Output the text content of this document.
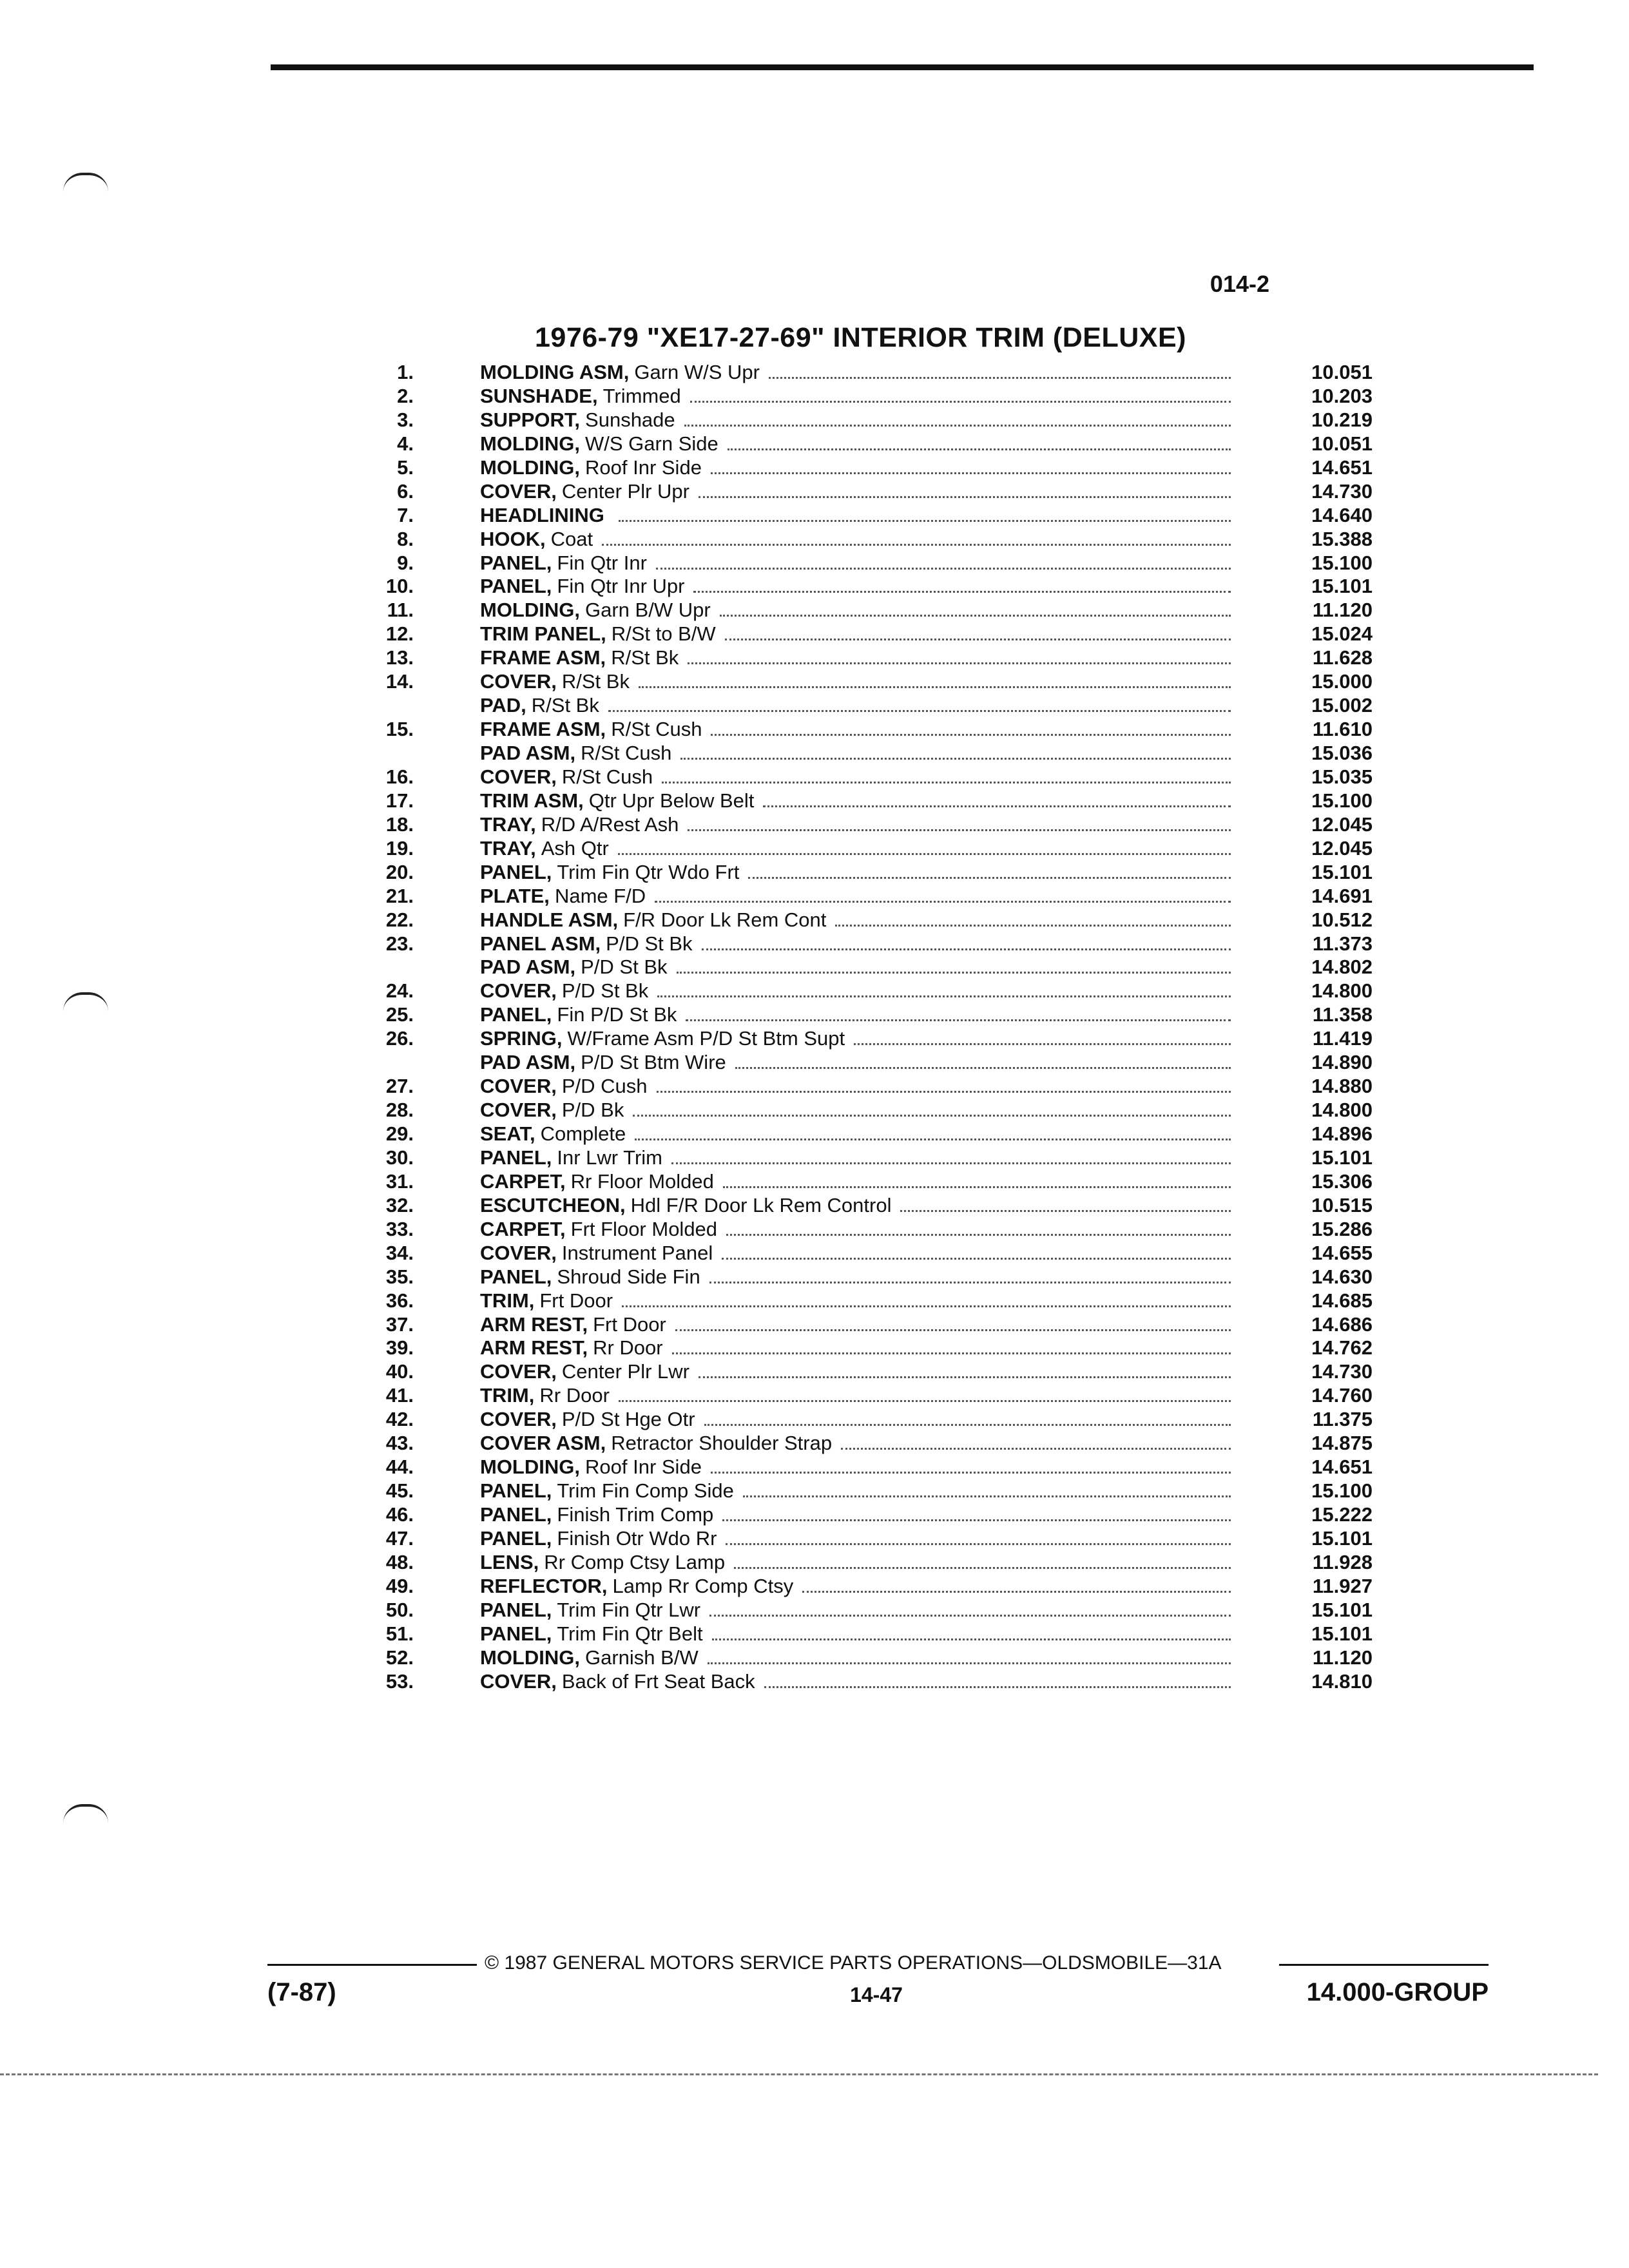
014-2
1976-79 "XE17-27-69" INTERIOR TRIM (DELUXE)
1.	MOLDING ASM, Garn W/S Upr	10.051
2.	SUNSHADE, Trimmed	10.203
3.	SUPPORT, Sunshade	10.219
4.	MOLDING, W/S Garn Side	10.051
5.	MOLDING, Roof Inr Side	14.651
6.	COVER, Center Plr Upr	14.730
7.	HEADLINING	14.640
8.	HOOK, Coat	15.388
9.	PANEL, Fin Qtr Inr	15.100
10.	PANEL, Fin Qtr Inr Upr	15.101
11.	MOLDING, Garn B/W Upr	11.120
12.	TRIM PANEL, R/St to B/W	15.024
13.	FRAME ASM, R/St Bk	11.628
14.	COVER, R/St Bk	15.000
PAD, R/St Bk	15.002
15.	FRAME ASM, R/St Cush	11.610
PAD ASM, R/St Cush	15.036
16.	COVER, R/St Cush	15.035
17.	TRIM ASM, Qtr Upr Below Belt	15.100
18.	TRAY, R/D A/Rest Ash	12.045
19.	TRAY, Ash Qtr	12.045
20.	PANEL, Trim Fin Qtr Wdo Frt	15.101
21.	PLATE, Name F/D	14.691
22.	HANDLE ASM, F/R Door Lk Rem Cont	10.512
23.	PANEL ASM, P/D St Bk	11.373
PAD ASM, P/D St Bk	14.802
24.	COVER, P/D St Bk	14.800
25.	PANEL, Fin P/D St Bk	11.358
26.	SPRING, W/Frame Asm P/D St Btm Supt	11.419
PAD ASM, P/D St Btm Wire	14.890
27.	COVER, P/D Cush	14.880
28.	COVER, P/D Bk	14.800
29.	SEAT, Complete	14.896
30.	PANEL, Inr Lwr Trim	15.101
31.	CARPET, Rr Floor Molded	15.306
32.	ESCUTCHEON, Hdl F/R Door Lk Rem Control	10.515
33.	CARPET, Frt Floor Molded	15.286
34.	COVER, Instrument Panel	14.655
35.	PANEL, Shroud Side Fin	14.630
36.	TRIM, Frt Door	14.685
37.	ARM REST, Frt Door	14.686
39.	ARM REST, Rr Door	14.762
40.	COVER, Center Plr Lwr	14.730
41.	TRIM, Rr Door	14.760
42.	COVER, P/D St Hge Otr	11.375
43.	COVER ASM, Retractor Shoulder Strap	14.875
44.	MOLDING, Roof Inr Side	14.651
45.	PANEL, Trim Fin Comp Side	15.100
46.	PANEL, Finish Trim Comp	15.222
47.	PANEL, Finish Otr Wdo Rr	15.101
48.	LENS, Rr Comp Ctsy Lamp	11.928
49.	REFLECTOR, Lamp Rr Comp Ctsy	11.927
50.	PANEL, Trim Fin Qtr Lwr	15.101
51.	PANEL, Trim Fin Qtr Belt	15.101
52.	MOLDING, Garnish B/W	11.120
53.	COVER, Back of Frt Seat Back	14.810
© 1987 GENERAL MOTORS SERVICE PARTS OPERATIONS—OLDSMOBILE—31A
(7-87)	14-47	14.000-GROUP
